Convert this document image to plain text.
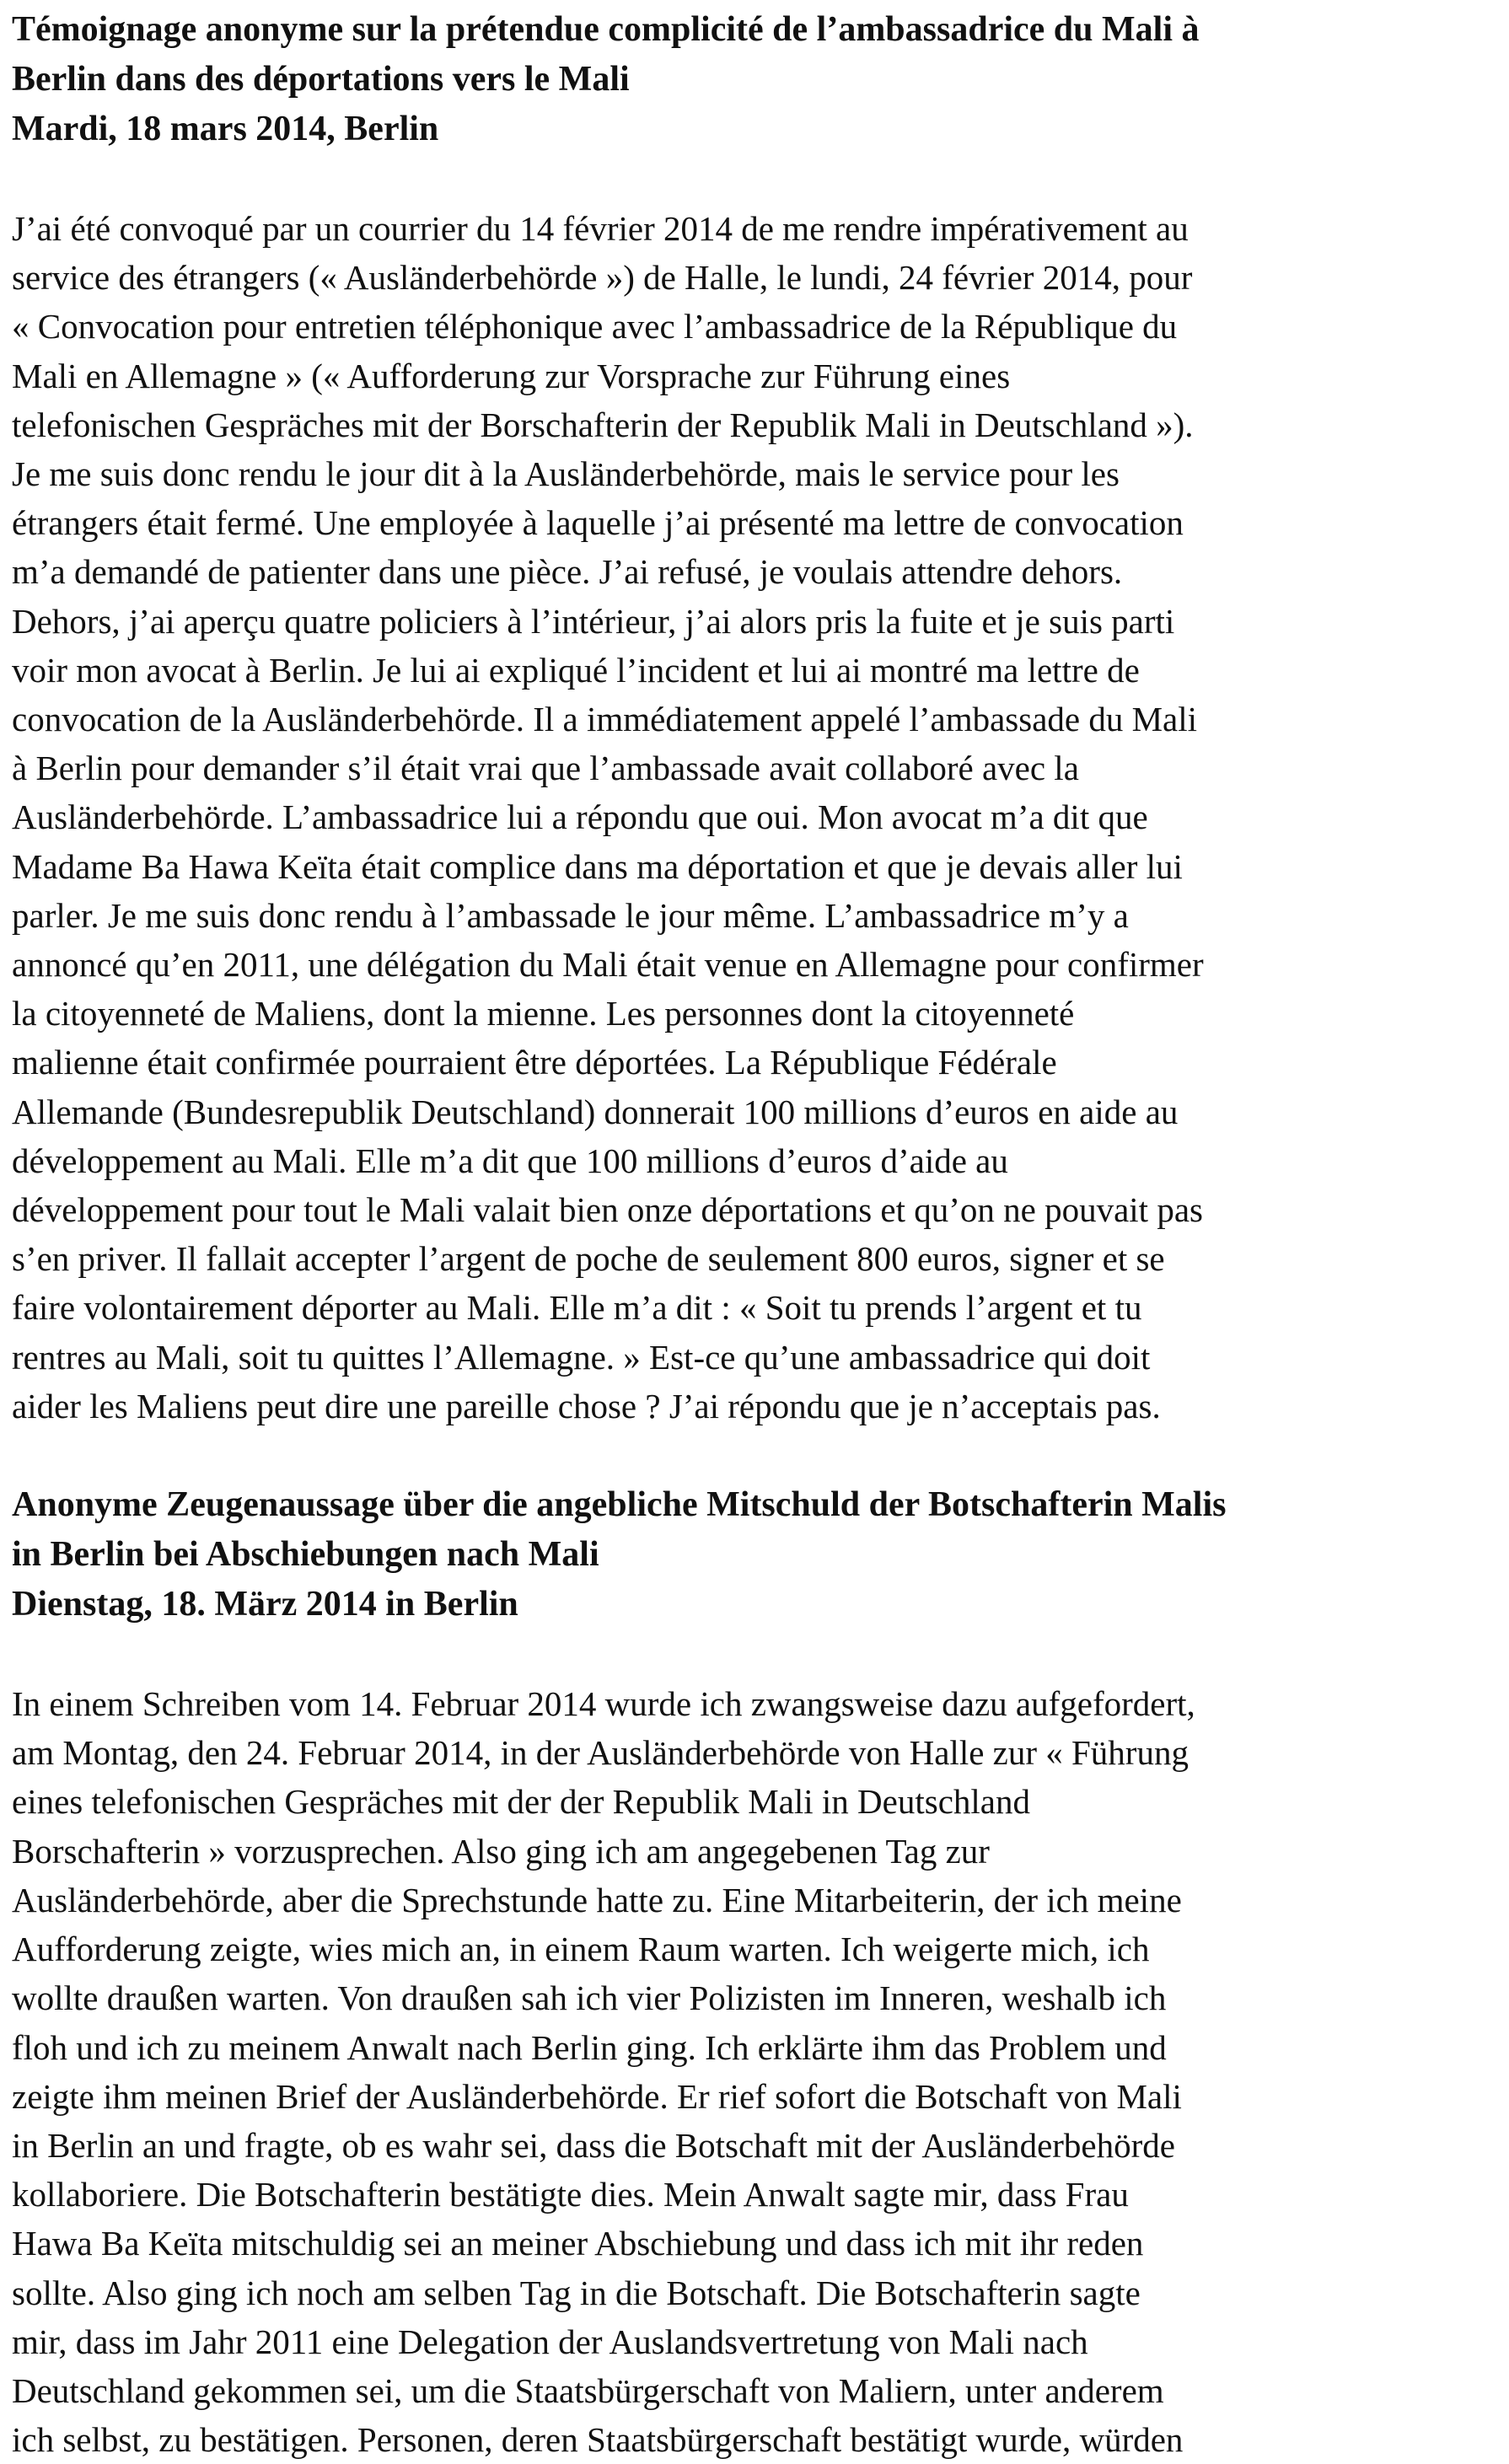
Témoignage anonyme sur la prétendue complicité de l’ambassadrice du Mali à
Berlin dans des déportations vers le Mali
Mardi, 18 mars 2014, Berlin
J’ai été convoqué par un courrier du 14 février 2014 de me rendre impérativement au
service des étrangers (« Ausländerbehörde ») de Halle, le lundi, 24 février 2014, pour
« Convocation pour entretien téléphonique avec l’ambassadrice de la République du
Mali en Allemagne » (« Aufforderung zur Vorsprache zur Führung eines
telefonischen Gespräches mit der Borschafterin der Republik Mali in Deutschland »).
Je me suis donc rendu le jour dit à la Ausländerbehörde, mais le service pour les
étrangers était fermé. Une employée à laquelle j’ai présenté ma lettre de convocation
m’a demandé de patienter dans une pièce. J’ai refusé, je voulais attendre dehors.
Dehors, j’ai aperçu quatre policiers à l’intérieur, j’ai alors pris la fuite et je suis parti
voir mon avocat à Berlin. Je lui ai expliqué l’incident et lui ai montré ma lettre de
convocation de la Ausländerbehörde. Il a immédiatement appelé l’ambassade du Mali
à Berlin pour demander s’il était vrai que l’ambassade avait collaboré avec la
Ausländerbehörde. L’ambassadrice lui a répondu que oui. Mon avocat m’a dit que
Madame Ba Hawa Keïta était complice dans ma déportation et que je devais aller lui
parler. Je me suis donc rendu à l’ambassade le jour même. L’ambassadrice m’y a
annoncé qu’en 2011, une délégation du Mali était venue en Allemagne pour confirmer
la citoyenneté de Maliens, dont la mienne. Les personnes dont la citoyenneté
malienne était confirmée pourraient être déportées. La République Fédérale
Allemande (Bundesrepublik Deutschland) donnerait 100 millions d’euros en aide au
développement au Mali. Elle m’a dit que 100 millions d’euros d’aide au
développement pour tout le Mali valait bien onze déportations et qu’on ne pouvait pas
s’en priver. Il fallait accepter l’argent de poche de seulement 800 euros, signer et se
faire volontairement déporter au Mali. Elle m’a dit : « Soit tu prends l’argent et tu
rentres au Mali, soit tu quittes l’Allemagne. » Est-ce qu’une ambassadrice qui doit
aider les Maliens peut dire une pareille chose ? J’ai répondu que je n’acceptais pas.
Anonyme Zeugenaussage über die angebliche Mitschuld der Botschafterin Malis
in Berlin bei Abschiebungen nach Mali
Dienstag, 18. März 2014 in Berlin
In einem Schreiben vom 14. Februar 2014 wurde ich zwangsweise dazu aufgefordert,
am Montag, den 24. Februar 2014, in der Ausländerbehörde von Halle zur « Führung
eines telefonischen Gespräches mit der der Republik Mali in Deutschland
Borschafterin » vorzusprechen. Also ging ich am angegebenen Tag zur
Ausländerbehörde, aber die Sprechstunde hatte zu. Eine Mitarbeiterin, der ich meine
Aufforderung zeigte, wies mich an, in einem Raum warten. Ich weigerte mich, ich
wollte draußen warten. Von draußen sah ich vier Polizisten im Inneren, weshalb ich
floh und ich zu meinem Anwalt nach Berlin ging. Ich erklärte ihm das Problem und
zeigte ihm meinen Brief der Ausländerbehörde. Er rief sofort die Botschaft von Mali
in Berlin an und fragte, ob es wahr sei, dass die Botschaft mit der Ausländerbehörde
kollaboriere. Die Botschafterin bestätigte dies. Mein Anwalt sagte mir, dass Frau
Hawa Ba Keïta mitschuldig sei an meiner Abschiebung und dass ich mit ihr reden
sollte. Also ging ich noch am selben Tag in die Botschaft. Die Botschafterin sagte
mir, dass im Jahr 2011 eine Delegation der Auslandsvertretung von Mali nach
Deutschland gekommen sei, um die Staatsbürgerschaft von Maliern, unter anderem
ich selbst, zu bestätigen. Personen, deren Staatsbürgerschaft bestätigt wurde, würden
